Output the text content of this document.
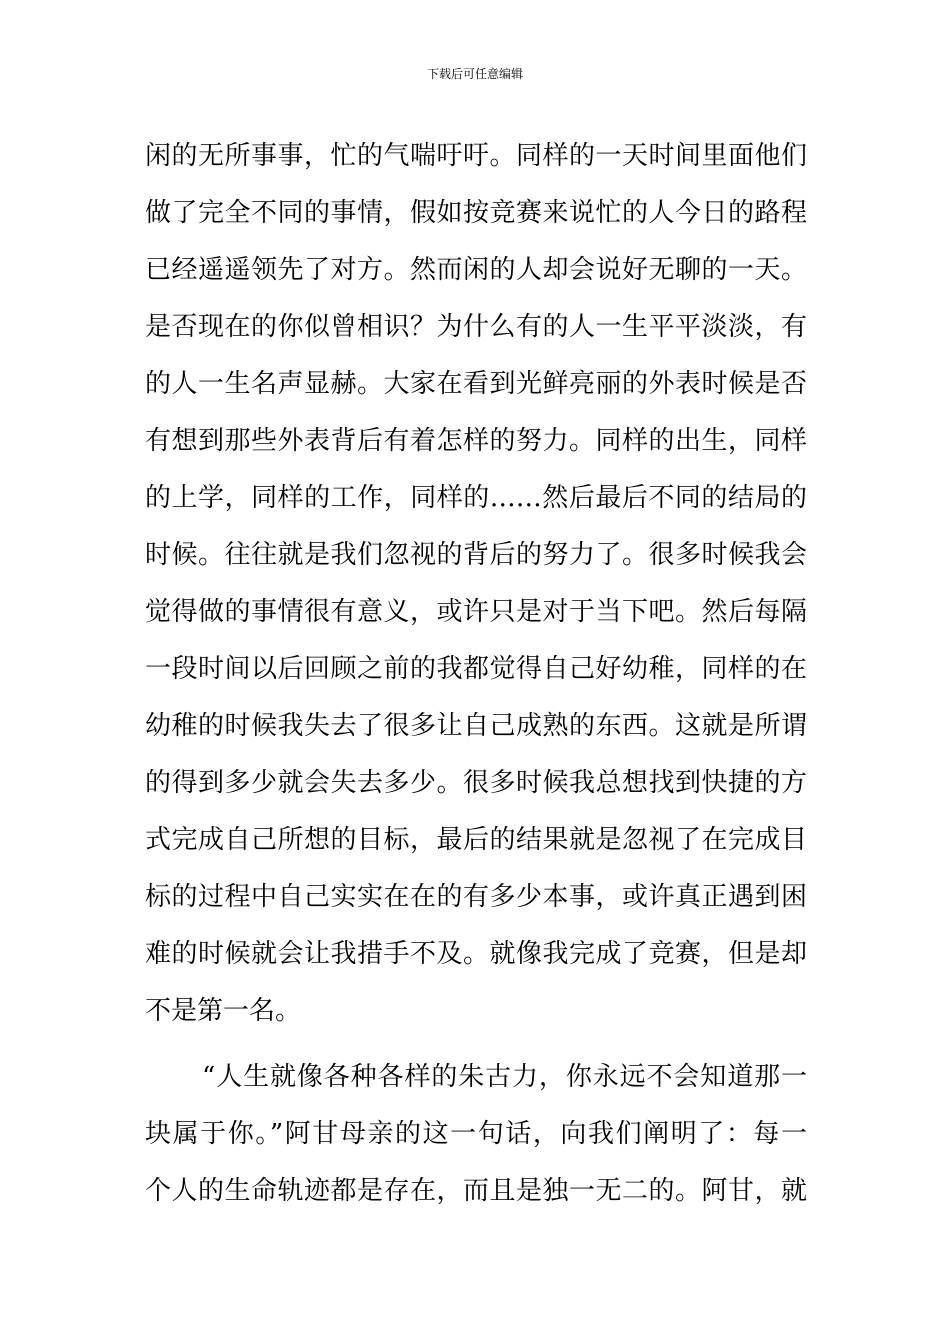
下载后可任意编辑
闲的无所事事，忙的气喘吁吁。同样的一天时间里面他们
做了完全不同的事情，假如按竞赛来说忙的人今日的路程
已经遥遥领先了对方。然而闲的人却会说好无聊的一天。
是否现在的你似曾相识？为什么有的人一生平平淡淡，有
的人一生名声显赫。大家在看到光鲜亮丽的外表时候是否
有想到那些外表背后有着怎样的努力。同样的出生，同样
的上学，同样的工作，同样的……然后最后不同的结局的
时候。往往就是我们忽视的背后的努力了。很多时候我会
觉得做的事情很有意义，或许只是对于当下吧。然后每隔
一段时间以后回顾之前的我都觉得自己好幼稚，同样的在
幼稚的时候我失去了很多让自己成熟的东西。这就是所谓
的得到多少就会失去多少。很多时候我总想找到快捷的方
式完成自己所想的目标，最后的结果就是忽视了在完成目
标的过程中自己实实在在的有多少本事，或许真正遇到困
难的时候就会让我措手不及。就像我完成了竞赛，但是却
不是第一名。
“人生就像各种各样的朱古力，你永远不会知道那一
块属于你。”阿甘母亲的这一句话，向我们阐明了：每一
个人的生命轨迹都是存在，而且是独一无二的。阿甘，就
